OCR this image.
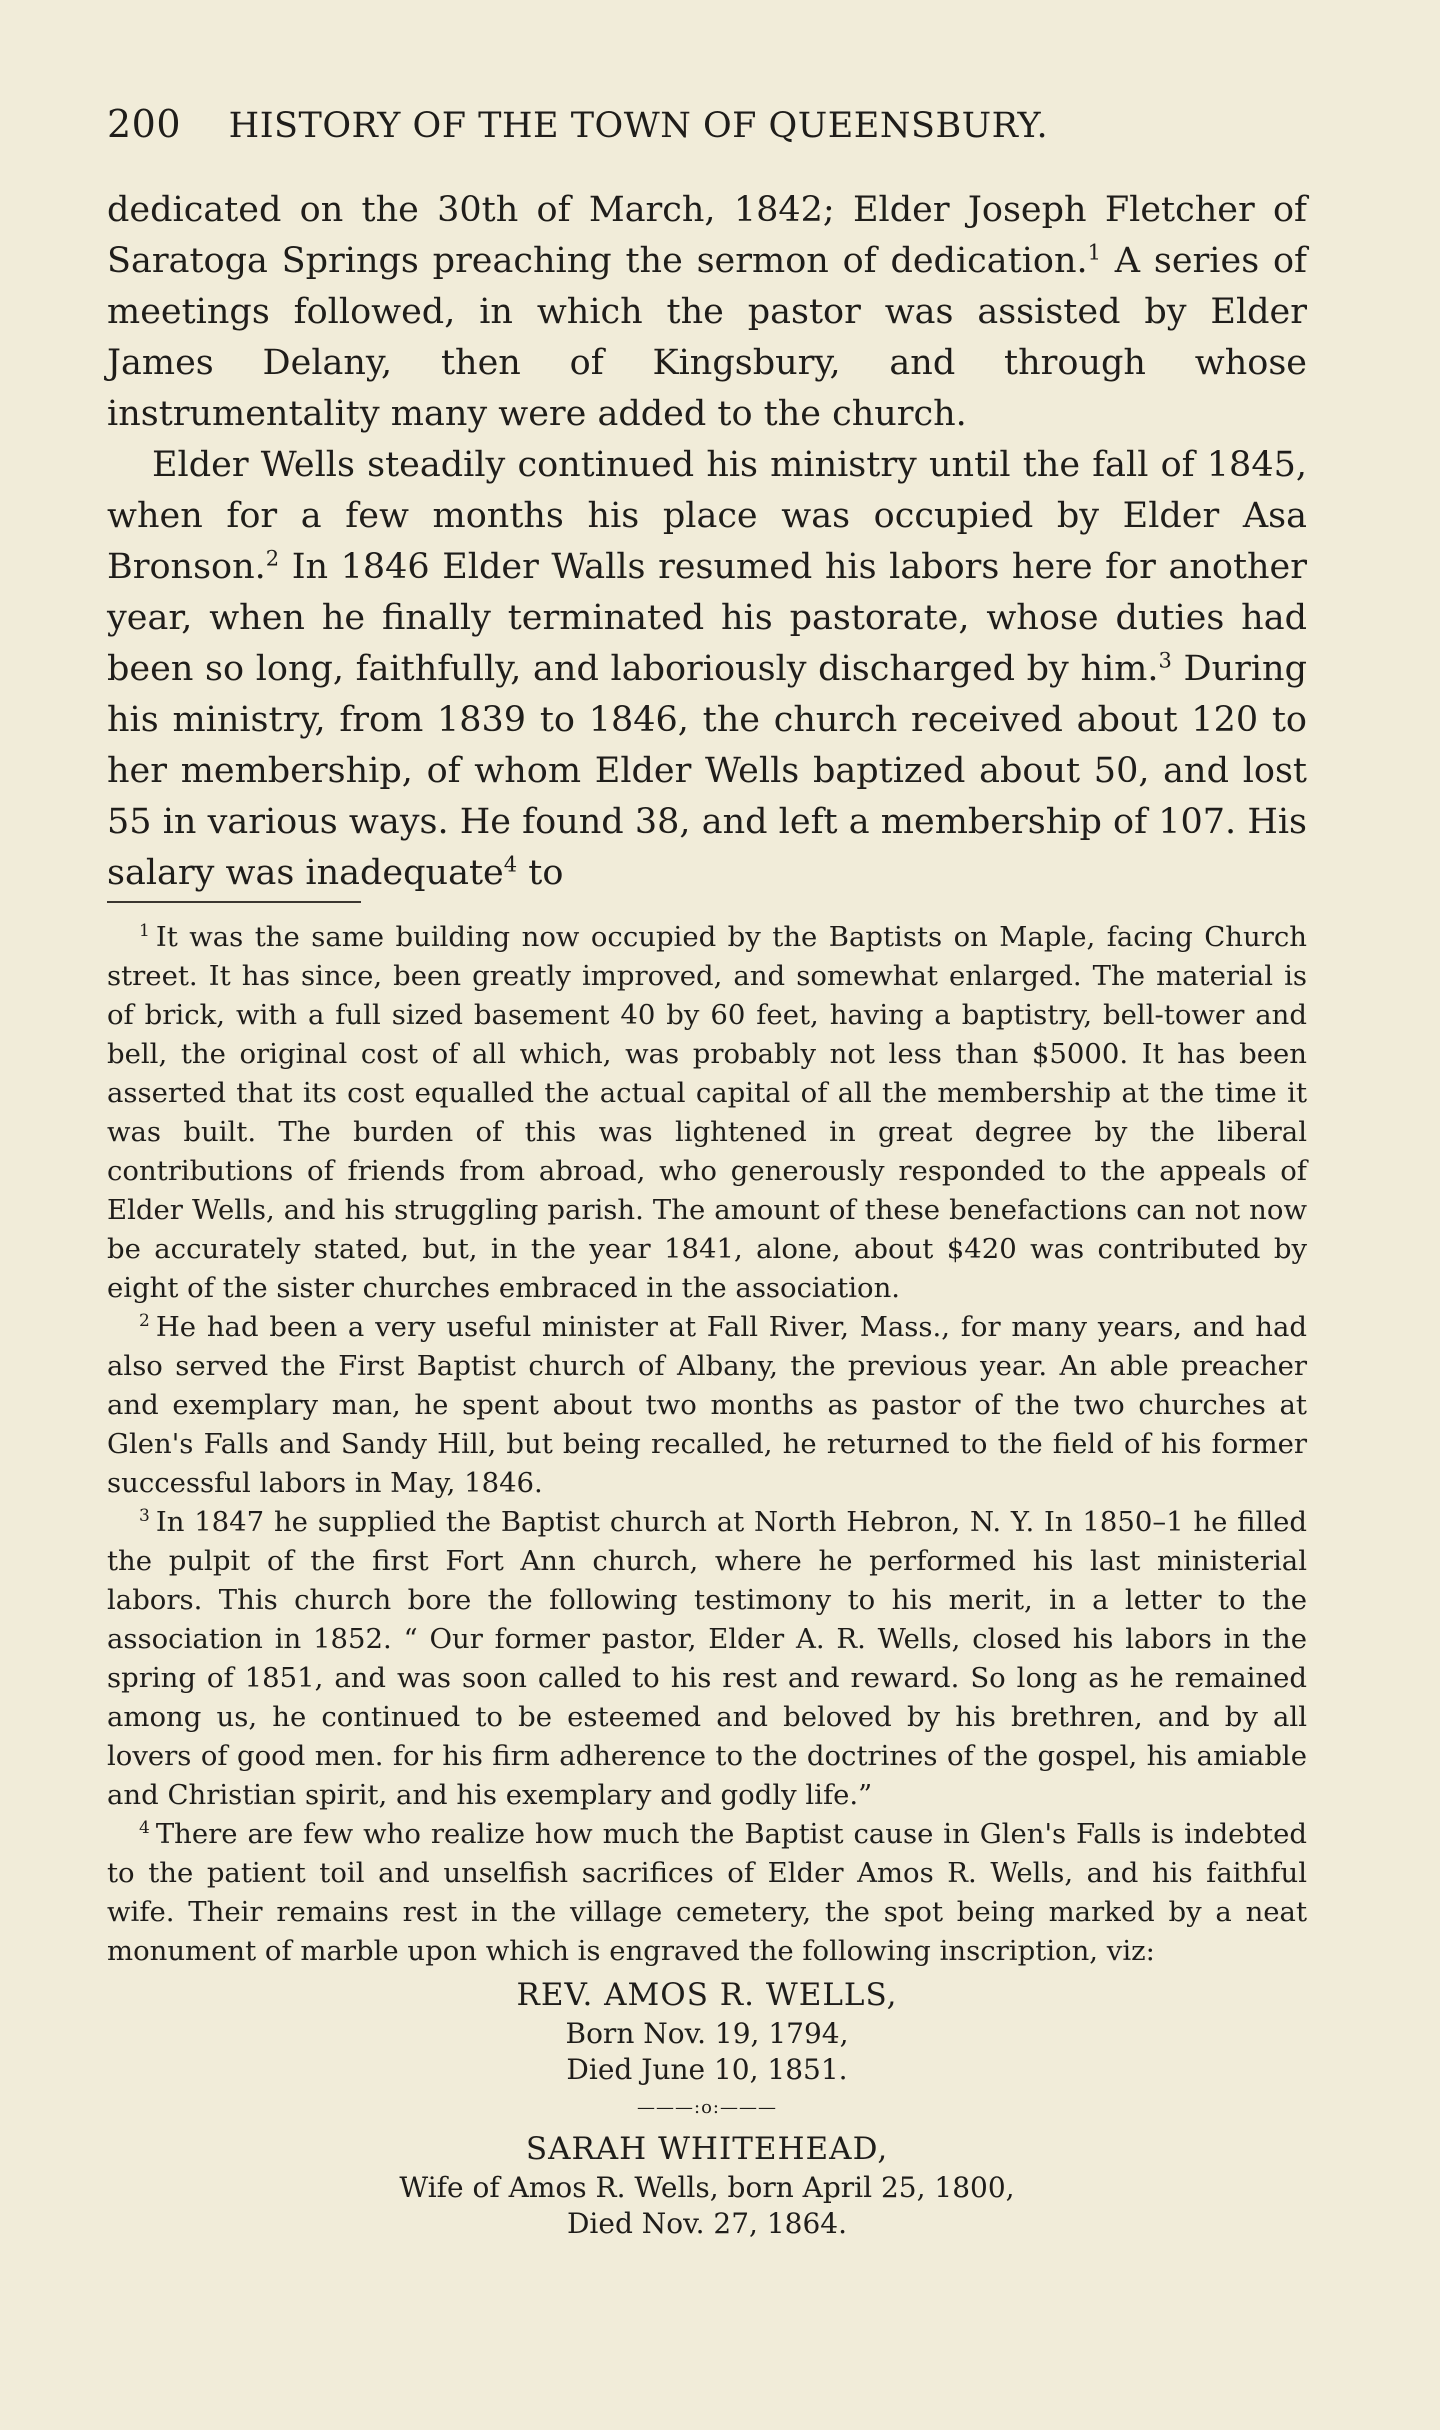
200 HISTORY OF THE TOWN OF QUEENSBURY.

dedicated on the 30th of March, 1842; Elder Joseph Fletcher of Saratoga Springs preaching the sermon of dedication.$^1$ A series of meetings followed, in which the pastor was assisted by Elder James Delany, then of Kingsbury, and through whose instrumentality many were added to the church.

Elder Wells steadily continued his ministry until the fall of 1845, when for a few months his place was occupied by Elder Asa Bronson.$^2$ In 1846 Elder Walls resumed his labors here for another year, when he finally terminated his pastorate, whose duties had been so long, faithfully, and laboriously discharged by him.$^3$ During his ministry, from 1839 to 1846, the church received about 120 to her membership, of whom Elder Wells baptized about 50, and lost 55 in various ways. He found 38, and left a membership of 107. His salary was inadequate$^4$ to

$^1$ It was the same building now occupied by the Baptists on Maple, facing Church street. It has since, been greatly improved, and somewhat enlarged. The material is of brick, with a full sized basement 40 by 60 feet, having a baptistry, bell-tower and bell, the original cost of all which, was probably not less than $5000. It has been asserted that its cost equalled the actual capital of all the membership at the time it was built. The burden of this was lightened in great degree by the liberal contributions of friends from abroad, who generously responded to the appeals of Elder Wells, and his struggling parish. The amount of these benefactions can not now be accurately stated, but, in the year 1841, alone, about $420 was contributed by eight of the sister churches embraced in the association.

$^2$ He had been a very useful minister at Fall River, Mass., for many years, and had also served the First Baptist church of Albany, the previous year. An able preacher and exemplary man, he spent about two months as pastor of the two churches at Glen's Falls and Sandy Hill, but being recalled, he returned to the field of his former successful labors in May, 1846.

$^3$ In 1847 he supplied the Baptist church at North Hebron, N. Y. In 1850–1 he filled the pulpit of the first Fort Ann church, where he performed his last ministerial labors. This church bore the following testimony to his merit, in a letter to the association in 1852. “ Our former pastor, Elder A. R. Wells, closed his labors in the spring of 1851, and was soon called to his rest and reward. So long as he remained among us, he continued to be esteemed and beloved by his brethren, and by all lovers of good men. for his firm adherence to the doctrines of the gospel, his amiable and Christian spirit, and his exemplary and godly life.”

$^4$ There are few who realize how much the Baptist cause in Glen's Falls is indebted to the patient toil and unselfish sacrifices of Elder Amos R. Wells, and his faithful wife. Their remains rest in the village cemetery, the spot being marked by a neat monument of marble upon which is engraved the following inscription, viz:

REV. AMOS R. WELLS,
Born Nov. 19, 1794,
Died June 10, 1851.
———:o:———
SARAH WHITEHEAD,
Wife of Amos R. Wells, born April 25, 1800,
Died Nov. 27, 1864.
